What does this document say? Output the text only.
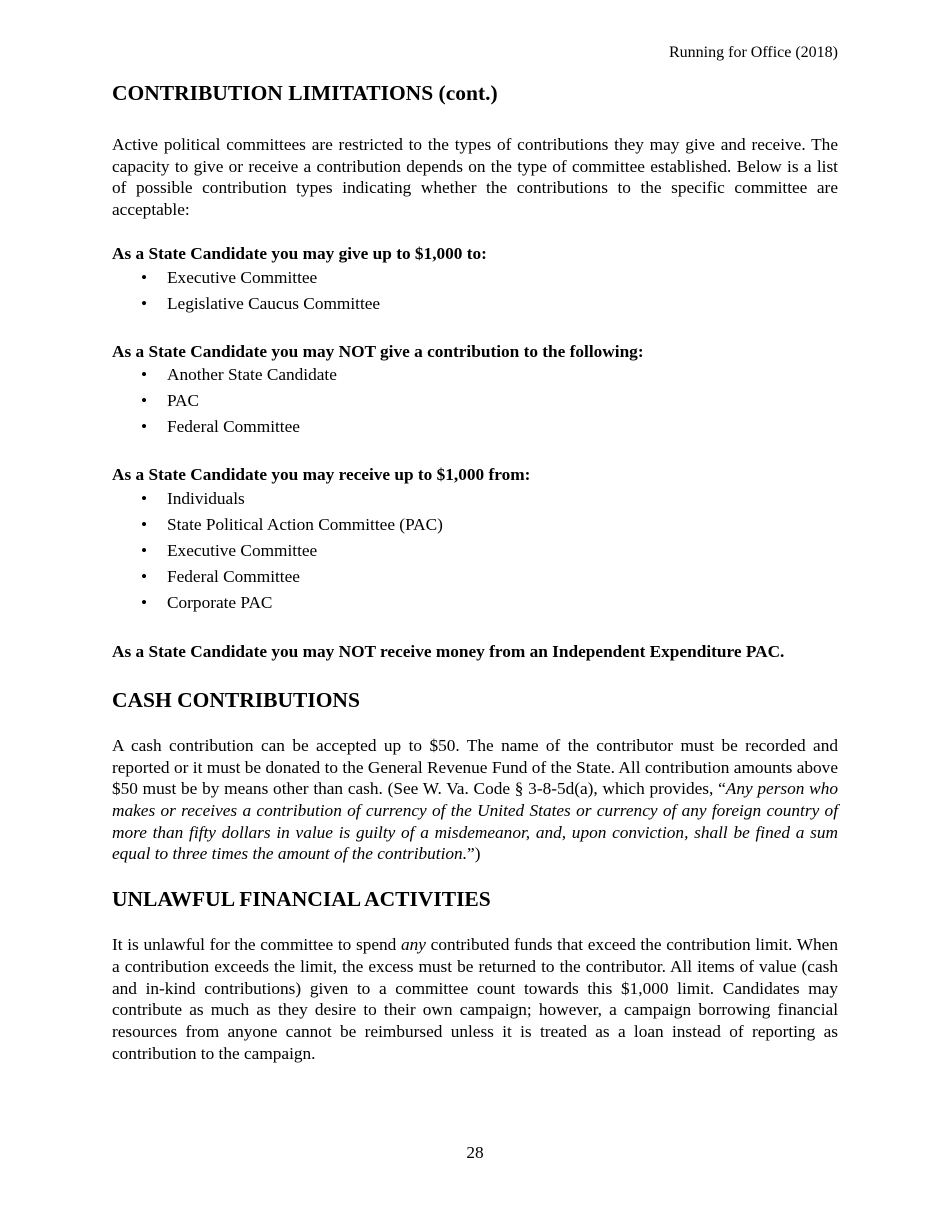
Running for Office (2018)
CONTRIBUTION LIMITATIONS (cont.)

Active political committees are restricted to the types of contributions they may give and receive. The capacity to give or receive a contribution depends on the type of committee established. Below is a list of possible contribution types indicating whether the contributions to the specific committee are acceptable:

As a State Candidate you may give up to $1,000 to:
• Executive Committee
• Legislative Caucus Committee
As a State Candidate you may NOT give a contribution to the following:
• Another State Candidate
• PAC
• Federal Committee
As a State Candidate you may receive up to $1,000 from:
• Individuals
• State Political Action Committee (PAC)
• Executive Committee
• Federal Committee
• Corporate PAC
As a State Candidate you may NOT receive money from an Independent Expenditure PAC.
CASH CONTRIBUTIONS

A cash contribution can be accepted up to $50. The name of the contributor must be recorded and reported or it must be donated to the General Revenue Fund of the State. All contribution amounts above $50 must be by means other than cash. (See W. Va. Code § 3-8-5d(a), which provides, “Any person who makes or receives a contribution of currency of the United States or currency of any foreign country of more than fifty dollars in value is guilty of a misdemeanor, and, upon conviction, shall be fined a sum equal to three times the amount of the contribution.”)

UNLAWFUL FINANCIAL ACTIVITIES

It is unlawful for the committee to spend any contributed funds that exceed the contribution limit. When a contribution exceeds the limit, the excess must be returned to the contributor. All items of value (cash and in-kind contributions) given to a committee count towards this $1,000 limit. Candidates may contribute as much as they desire to their own campaign; however, a campaign borrowing financial resources from anyone cannot be reimbursed unless it is treated as a loan instead of reporting as contribution to the campaign.

28
